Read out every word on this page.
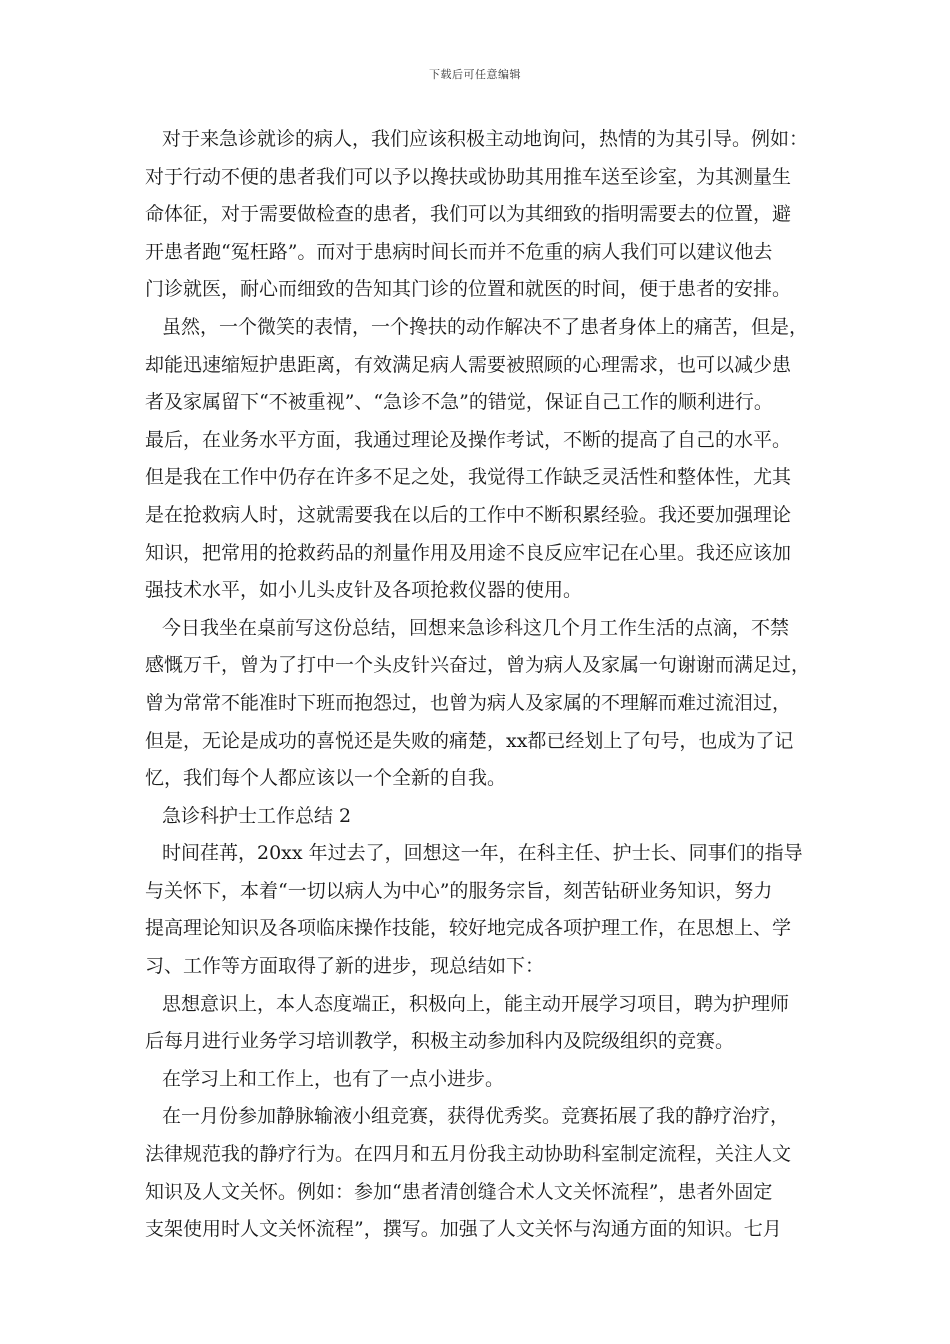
下载后可任意编辑
对于来急诊就诊的病人，我们应该积极主动地询问，热情的为其引导。例如：
对于行动不便的患者我们可以予以搀扶或协助其用推车送至诊室，为其测量生
命体征，对于需要做检查的患者，我们可以为其细致的指明需要去的位置，避
开患者跑“冤枉路”。而对于患病时间长而并不危重的病人我们可以建议他去
门诊就医，耐心而细致的告知其门诊的位置和就医的时间，便于患者的安排。
虽然，一个微笑的表情，一个搀扶的动作解决不了患者身体上的痛苦，但是，
却能迅速缩短护患距离，有效满足病人需要被照顾的心理需求，也可以减少患
者及家属留下“不被重视”、“急诊不急”的错觉，保证自己工作的顺利进行。
最后，在业务水平方面，我通过理论及操作考试，不断的提高了自己的水平。
但是我在工作中仍存在许多不足之处，我觉得工作缺乏灵活性和整体性，尤其
是在抢救病人时，这就需要我在以后的工作中不断积累经验。我还要加强理论
知识，把常用的抢救药品的剂量作用及用途不良反应牢记在心里。我还应该加
强技术水平，如小儿头皮针及各项抢救仪器的使用。
今日我坐在桌前写这份总结，回想来急诊科这几个月工作生活的点滴，不禁
感慨万千，曾为了打中一个头皮针兴奋过，曾为病人及家属一句谢谢而满足过，
曾为常常不能准时下班而抱怨过，也曾为病人及家属的不理解而难过流泪过，
但是，无论是成功的喜悦还是失败的痛楚，xx都已经划上了句号，也成为了记
忆，我们每个人都应该以一个全新的自我。
急诊科护士工作总结 2
时间荏苒，20xx 年过去了，回想这一年，在科主任、护士长、同事们的指导
与关怀下，本着“一切以病人为中心”的服务宗旨，刻苦钻研业务知识，努力
提高理论知识及各项临床操作技能，较好地完成各项护理工作，在思想上、学
习、工作等方面取得了新的进步，现总结如下：
思想意识上，本人态度端正，积极向上，能主动开展学习项目，聘为护理师
后每月进行业务学习培训教学，积极主动参加科内及院级组织的竞赛。
在学习上和工作上，也有了一点小进步。
在一月份参加静脉输液小组竞赛，获得优秀奖。竞赛拓展了我的静疗治疗，
法律规范我的静疗行为。在四月和五月份我主动协助科室制定流程，关注人文
知识及人文关怀。例如：参加“患者清创缝合术人文关怀流程”，患者外固定
支架使用时人文关怀流程”，撰写。加强了人文关怀与沟通方面的知识。七月
